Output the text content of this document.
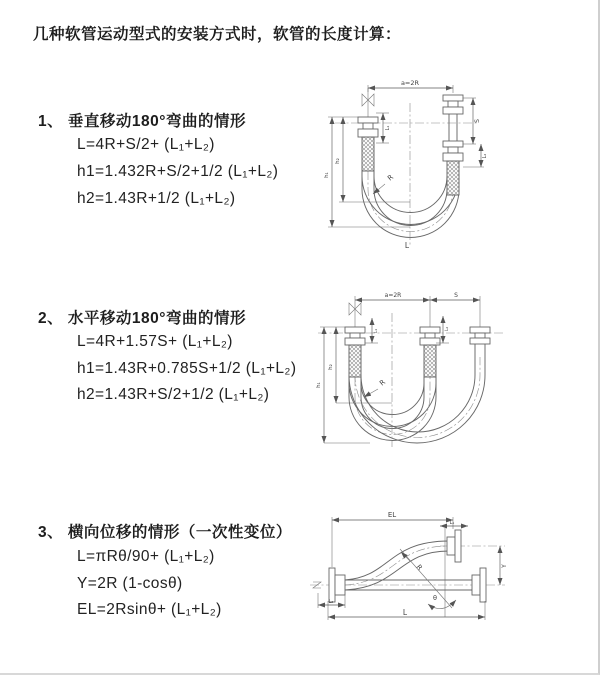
几种软管运动型式的安装方式时，软管的长度计算：
1、 垂直移动180°弯曲的情形
L=4R+S/2+ (L₁+L₂)
h1=1.432R+S/2+1/2 (L₁+L₂)
h2=1.43R+1/2 (L₁+L₂)
a=2R
S
L₂
L₁
h₂
h₁	R
L
2、 水平移动180°弯曲的情形
L=4R+1.57S+ (L₁+L₂)
h1=1.43R+0.785S+1/2 (L₁+L₂)
h2=1.43R+S/2+1/2 (L₁+L₂)
a=2R	S
L₁	L₂
h₂
h₁	R
3、 横向位移的情形（一次性变位）
L=πRθ/90+ (L₁+L₂)
Y=2R (1-cosθ)
EL=2Rsinθ+ (L₁+L₂)
EL
L₁
Y
L
L₂
R
θ
